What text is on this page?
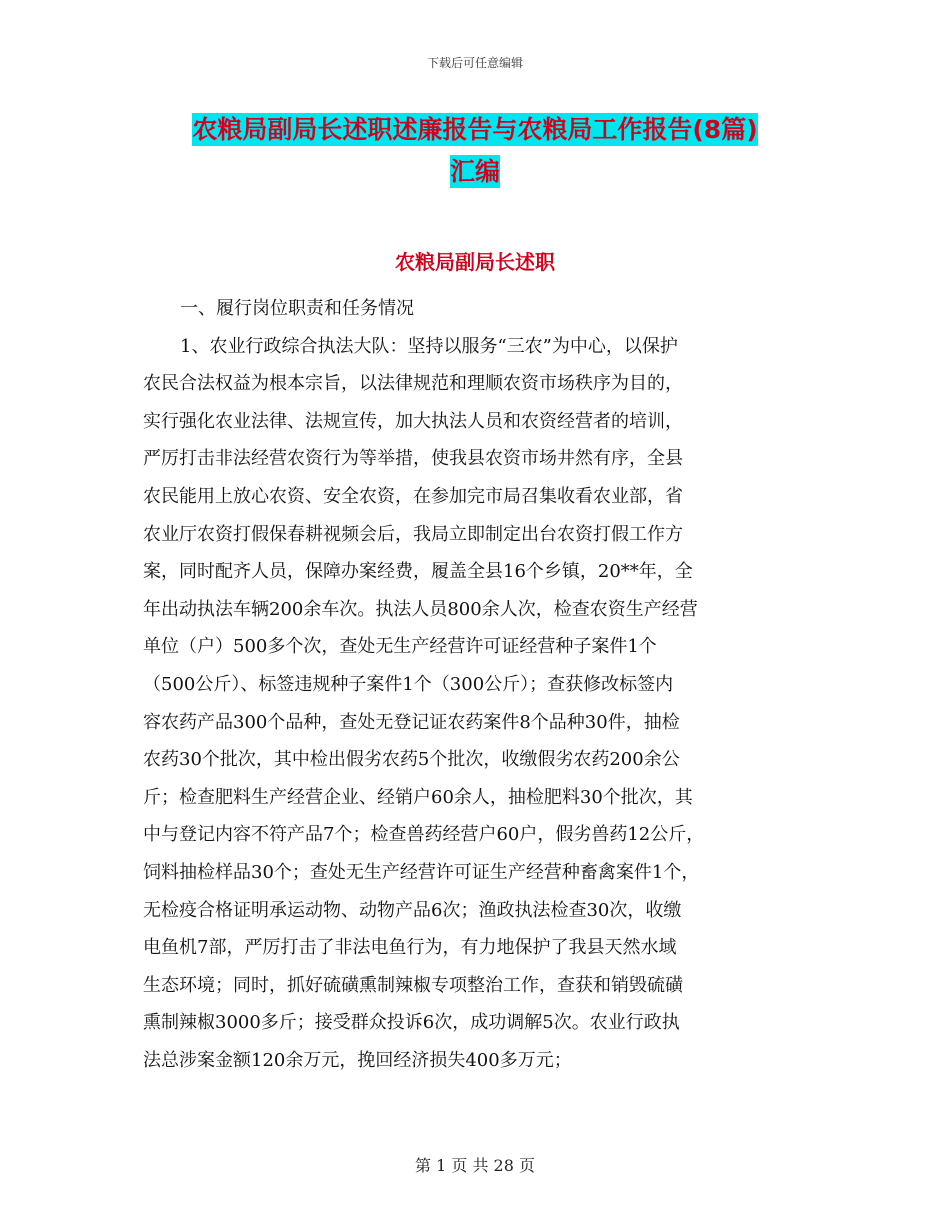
下载后可任意编辑
农粮局副局长述职述廉报告与农粮局工作报告(8篇)
汇编
农粮局副局长述职

一、履行岗位职责和任务情况

1、农业行政综合执法大队：坚持以服务“三农”为中心，以保护

农民合法权益为根本宗旨，以法律规范和理顺农资市场秩序为目的，

实行强化农业法律、法规宣传，加大执法人员和农资经营者的培训，

严厉打击非法经营农资行为等举措，使我县农资市场井然有序，全县

农民能用上放心农资、安全农资，在参加完市局召集收看农业部，省

农业厅农资打假保春耕视频会后，我局立即制定出台农资打假工作方

案，同时配齐人员，保障办案经费，履盖全县16个乡镇，20**年，全

年出动执法车辆200余车次。执法人员800余人次，检查农资生产经营

单位（户）500多个次，查处无生产经营许可证经营种子案件1个

（500公斤）、标签违规种子案件1个（300公斤）；查获修改标签内

容农药产品300个品种，查处无登记证农药案件8个品种30件，抽检

农药30个批次，其中检出假劣农药5个批次，收缴假劣农药200余公

斤；检查肥料生产经营企业、经销户60余人，抽检肥料30个批次，其

中与登记内容不符产品7个；检查兽药经营户60户，假劣兽药12公斤，

饲料抽检样品30个；查处无生产经营许可证生产经营种畜禽案件1个，

无检疫合格证明承运动物、动物产品6次；渔政执法检查30次，收缴

电鱼机7部，严厉打击了非法电鱼行为，有力地保护了我县天然水域

生态环境；同时，抓好硫磺熏制辣椒专项整治工作，查获和销毁硫磺

熏制辣椒3000多斤；接受群众投诉6次，成功调解5次。农业行政执

法总涉案金额120余万元，挽回经济损失400多万元；

第 1 页 共 28 页
